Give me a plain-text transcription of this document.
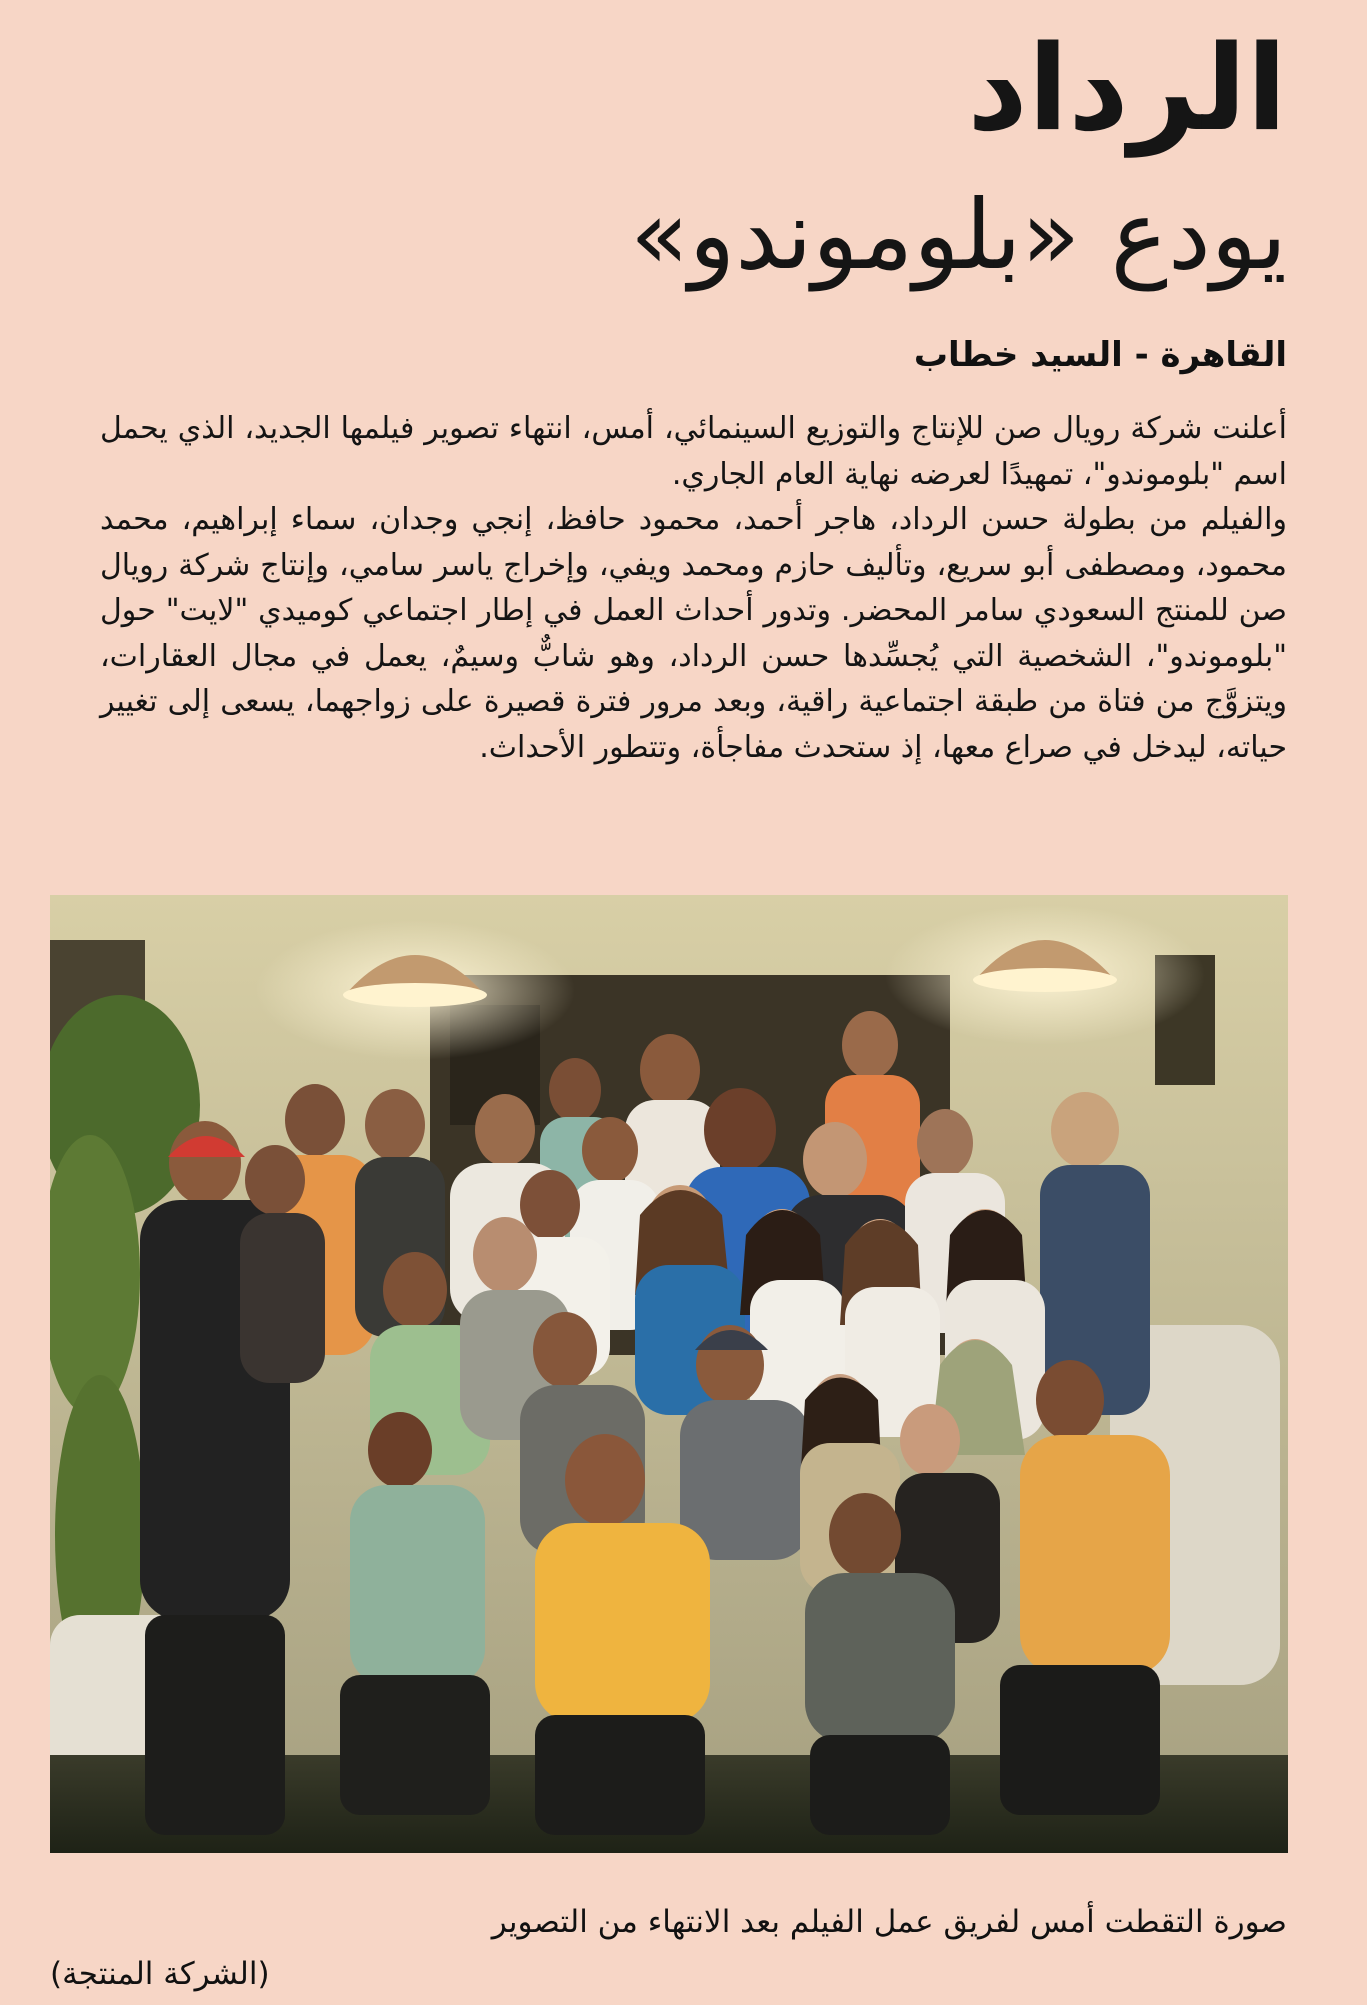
الرداد
يودع «بلوموندو»
القاهرة - السيد خطاب

أعلنت شركة رويال صن للإنتاج والتوزيع السينمائي، أمس، انتهاء تصوير فيلمها الجديد، الذي يحمل اسم "بلوموندو"، تمهيدًا لعرضه نهاية العام الجاري.

والفيلم من بطولة حسن الرداد، هاجر أحمد، محمود حافظ، إنجي وجدان، سماء إبراهيم، محمد محمود، ومصطفى أبو سريع، وتأليف حازم ومحمد ويفي، وإخراج ياسر سامي، وإنتاج شركة رويال صن للمنتج السعودي سامر المحضر. وتدور أحداث العمل في إطار اجتماعي كوميدي "لايت" حول "بلوموندو"، الشخصية التي يُجسِّدها حسن الرداد، وهو شابٌّ وسيمٌ، يعمل في مجال العقارات، ويتزوَّج من فتاة من طبقة اجتماعية راقية، وبعد مرور فترة قصيرة على زواجهما، يسعى إلى تغيير حياته، ليدخل في صراع معها، إذ ستحدث مفاجأة، وتتطور الأحداث.

صورة التقطت أمس لفريق عمل الفيلم بعد الانتهاء من التصوير
(الشركة المنتجة)
